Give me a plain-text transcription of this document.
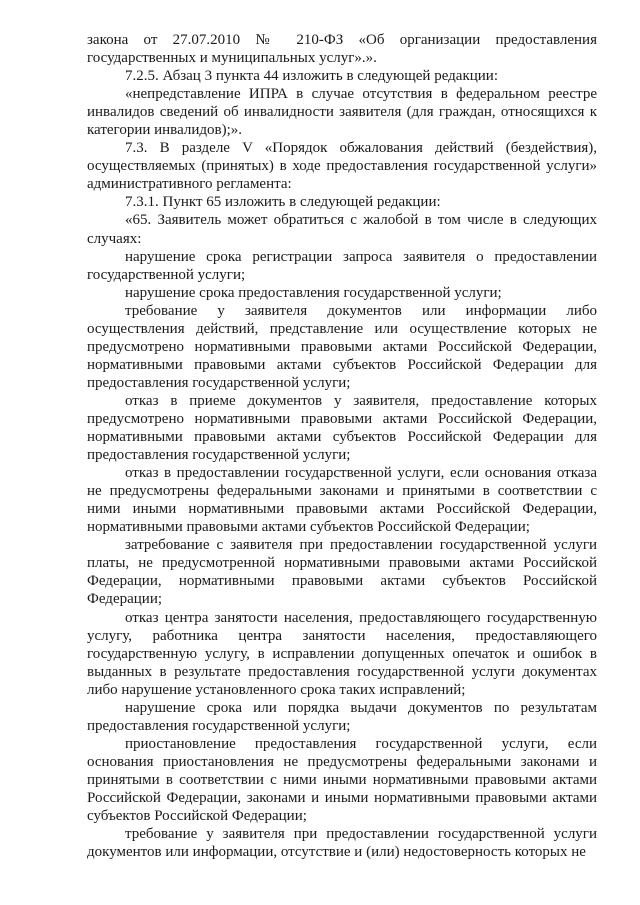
закона от 27.07.2010 № 210-ФЗ «Об организации предоставления государственных и муниципальных услуг».».

7.2.5. Абзац 3 пункта 44 изложить в следующей редакции:

«непредставление ИПРА в случае отсутствия в федеральном реестре инвалидов сведений об инвалидности заявителя (для граждан, относящихся к категории инвалидов);».

7.3. В разделе V «Порядок обжалования действий (бездействия), осуществляемых (принятых) в ходе предоставления государственной услуги» административного регламента:

7.3.1. Пункт 65 изложить в следующей редакции:

«65. Заявитель может обратиться с жалобой в том числе в следующих случаях:

нарушение срока регистрации запроса заявителя о предоставлении государственной услуги;

нарушение срока предоставления государственной услуги;

требование у заявителя документов или информации либо осуществления действий, представление или осуществление которых не предусмотрено нормативными правовыми актами Российской Федерации, нормативными правовыми актами субъектов Российской Федерации для предоставления государственной услуги;

отказ в приеме документов у заявителя, предоставление которых предусмотрено нормативными правовыми актами Российской Федерации, нормативными правовыми актами субъектов Российской Федерации для предоставления государственной услуги;

отказ в предоставлении государственной услуги, если основания отказа не предусмотрены федеральными законами и принятыми в соответствии с ними иными нормативными правовыми актами Российской Федерации, нормативными правовыми актами субъектов Российской Федерации;

затребование с заявителя при предоставлении государственной услуги платы, не предусмотренной нормативными правовыми актами Российской Федерации, нормативными правовыми актами субъектов Российской Федерации;

отказ центра занятости населения, предоставляющего государственную услугу, работника центра занятости населения, предоставляющего государственную услугу, в исправлении допущенных опечаток и ошибок в выданных в результате предоставления государственной услуги документах либо нарушение установленного срока таких исправлений;

нарушение срока или порядка выдачи документов по результатам предоставления государственной услуги;

приостановление предоставления государственной услуги, если основания приостановления не предусмотрены федеральными законами и принятыми в соответствии с ними иными нормативными правовыми актами Российской Федерации, законами и иными нормативными правовыми актами субъектов Российской Федерации;

требование у заявителя при предоставлении государственной услуги документов или информации, отсутствие и (или) недостоверность которых не
